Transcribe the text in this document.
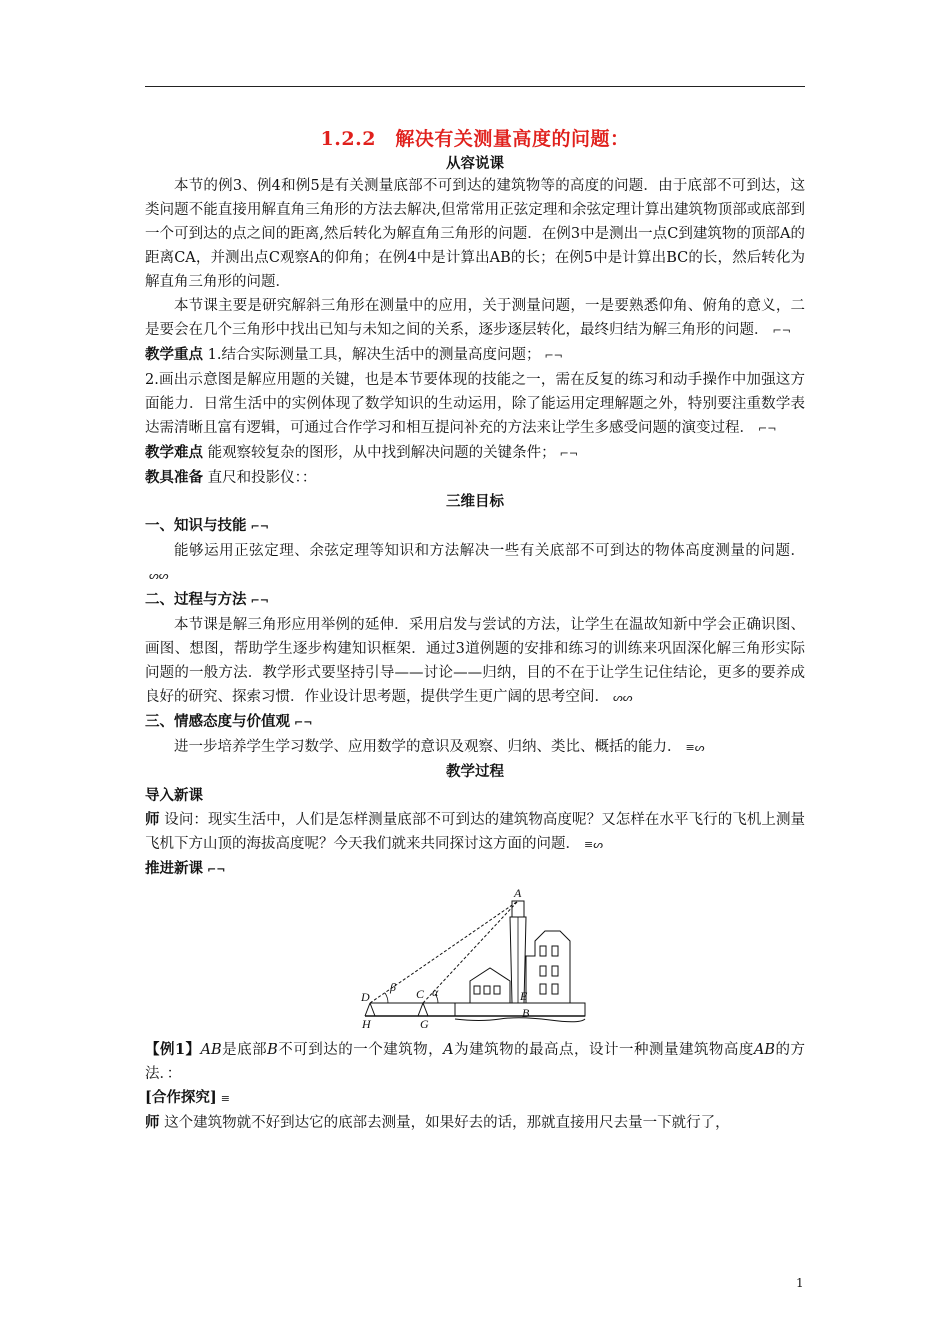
1.2.2　解决有关测量高度的问题：
从容说课

本节的例3、例4和例5是有关测量底部不可到达的建筑物等的高度的问题．由于底部不可到达，这类问题不能直接用解直角三角形的方法去解决,但常常用正弦定理和余弦定理计算出建筑物顶部或底部到一个可到达的点之间的距离,然后转化为解直角三角形的问题．在例3中是测出一点C到建筑物的顶部A的距离CA，并测出点C观察A的仰角；在例4中是计算出AB的长；在例5中是计算出BC的长，然后转化为解直角三角形的问题．

本节课主要是研究解斜三角形在测量中的应用，关于测量问题，一是要熟悉仰角、俯角的意义，二是要会在几个三角形中找出已知与未知之间的关系，逐步逐层转化，最终归结为解三角形的问题． ⌐¬

教学重点 1.结合实际测量工具，解决生活中的测量高度问题； ⌐¬

2.画出示意图是解应用题的关键，也是本节要体现的技能之一，需在反复的练习和动手操作中加强这方面能力．日常生活中的实例体现了数学知识的生动运用，除了能运用定理解题之外，特别要注重数学表达需清晰且富有逻辑，可通过合作学习和相互提问补充的方法来让学生多感受问题的演变过程． ⌐¬

教学难点 能观察较复杂的图形，从中找到解决问题的关键条件； ⌐¬

教具准备 直尺和投影仪：：

三维目标

一、知识与技能 ⌐¬

能够运用正弦定理、余弦定理等知识和方法解决一些有关底部不可到达的物体高度测量的问题．ᔕᔕ

二、过程与方法 ⌐¬

本节课是解三角形应用举例的延伸．采用启发与尝试的方法，让学生在温故知新中学会正确识图、画图、想图，帮助学生逐步构建知识框架．通过3道例题的安排和练习的训练来巩固深化解三角形实际问题的一般方法．教学形式要坚持引导——讨论——归纳，目的不在于让学生记住结论，更多的要养成良好的研究、探索习惯．作业设计思考题，提供学生更广阔的思考空间． ᔕᔕ

三、情感态度与价值观 ⌐¬

进一步培养学生学习数学、应用数学的意识及观察、归纳、类比、概括的能力． ≡ᔕ

教学过程

导入新课

师 设问：现实生活中，人们是怎样测量底部不可到达的建筑物高度呢？又怎样在水平飞行的飞机上测量飞机下方山顶的海拔高度呢？今天我们就来共同探讨这方面的问题． ≡ᔕ

推进新课 ⌐¬

A
B
C
D	E
G
H
α
β

【例1】AB是底部B不可到达的一个建筑物，A为建筑物的最高点，设计一种测量建筑物高度AB的方法．：

[合作探究] ≡

师 这个建筑物就不好到达它的底部去测量，如果好去的话，那就直接用尺去量一下就行了，

1
